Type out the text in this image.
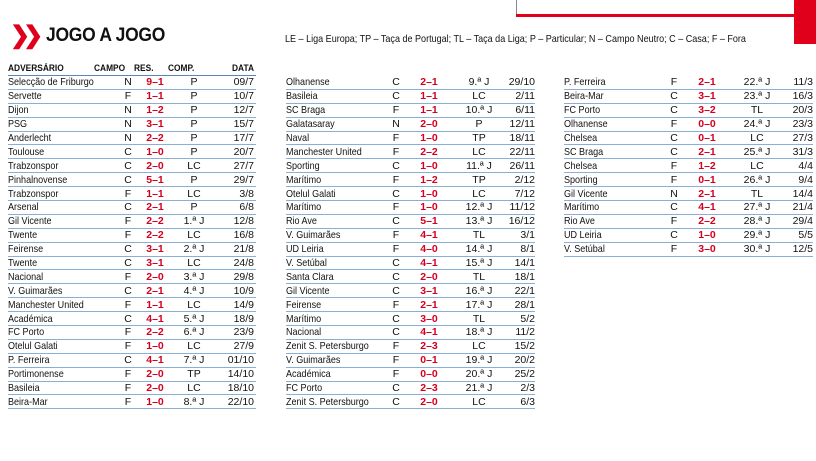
❯❯ JOGO A JOGO	LE – Liga Europa; TP – Taça de Portugal; TL – Taça da Liga; P – Particular; N – Campo Neutro; C – Casa; F – Fora
ADVERSÁRIO	CAMPO RES.	COMP.	DATA
Selecção de Friburgo	N	9–1	P	09/7
Servette	F	1–1	P	10/7
Dijon	N	1–2	P	12/7
PSG	N	3–1	P	15/7
Anderlecht	N	2–2	P	17/7
Toulouse	C	1–0	P	20/7
Trabzonspor	C	2–0	LC	27/7
Pinhalnovense	C	5–1	P	29/7
Trabzonspor	F	1–1	LC	3/8
Arsenal	C	2–1	P	6/8
Gil Vicente	F	2–2	1.ª J	12/8
Twente	F	2–2	LC	16/8
Feirense	C	3–1	2.ª J	21/8
Twente	C	3–1	LC	24/8
Nacional	F	2–0	3.ª J	29/8
V. Guimarães	C	2–1	4.ª J	10/9
Manchester United	F	1–1	LC	14/9
Académica	C	4–1	5.ª J	18/9
FC Porto	F	2–2	6.ª J	23/9
Otelul Galati	F	1–0	LC	27/9
P. Ferreira	C	4–1	7.ª J	01/10
Portimonense	F	2–0	TP	14/10
Basileia	F	2–0	LC	18/10
Beira-Mar	F	1–0	8.ª J	22/10
Olhanense	C	2–1	9.ª J	29/10
Basileia	C	1–1	LC	2/11
SC Braga	F	1–1	10.ª J	6/11
Galatasaray	N	2–0	P	12/11
Naval	F	1–0	TP	18/11
Manchester United	F	2–2	LC	22/11
Sporting	C	1–0	11.ª J	26/11
Marítimo	F	1–2	TP	2/12
Otelul Galati	C	1–0	LC	7/12
Marítimo	F	1–0	12.ª J	11/12
Rio Ave	C	5–1	13.ª J	16/12
V. Guimarães	F	4–1	TL	3/1
UD Leiria	F	4–0	14.ª J	8/1
V. Setúbal	C	4–1	15.ª J	14/1
Santa Clara	C	2–0	TL	18/1
Gil Vicente	C	3–1	16.ª J	22/1
Feirense	F	2–1	17.ª J	28/1
Marítimo	C	3–0	TL	5/2
Nacional	C	4–1	18.ª J	11/2
Zenit S. Petersburgo	F	2–3	LC	15/2
V. Guimarães	F	0–1	19.ª J	20/2
Académica	F	0–0	20.ª J	25/2
FC Porto	C	2–3	21.ª J	2/3
Zenit S. Petersburgo	C	2–0	LC	6/3
P. Ferreira	F	2–1	22.ª J	11/3
Beira-Mar	C	3–1	23.ª J	16/3
FC Porto	C	3–2	TL	20/3
Olhanense	F	0–0	24.ª J	23/3
Chelsea	C	0–1	LC	27/3
SC Braga	C	2–1	25.ª J	31/3
Chelsea	F	1–2	LC	4/4
Sporting	F	0–1	26.ª J	9/4
Gil Vicente	N	2–1	TL	14/4
Marítimo	C	4–1	27.ª J	21/4
Rio Ave	F	2–2	28.ª J	29/4
UD Leiria	C	1–0	29.ª J	5/5
V. Setúbal	F	3–0	30.ª J	12/5
